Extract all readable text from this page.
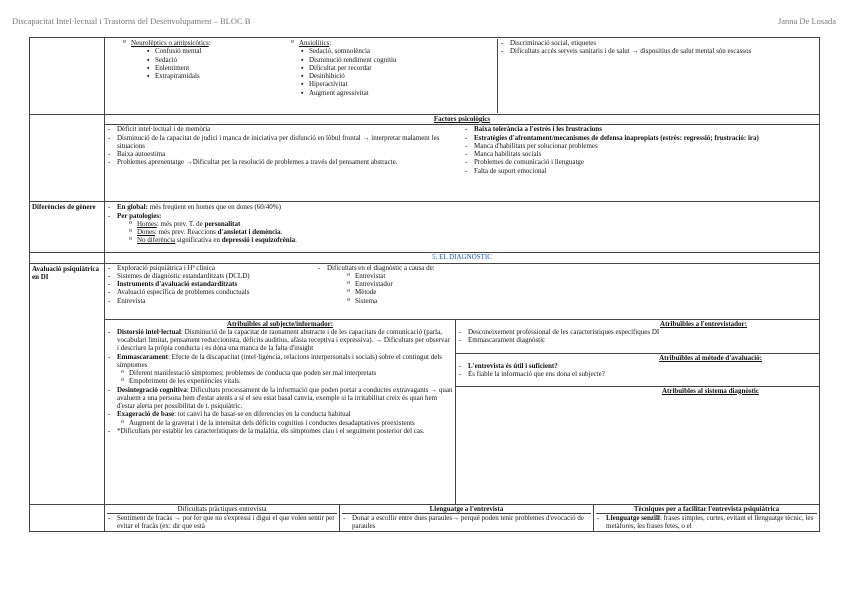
Discapacitat Intel·lectual i Trastorns del Desenvolupament – BLOC B	Janna De Losada
o Neurolèptics o antipsicòtics:
▪ Confusió mental
▪ Sedació
▪ Enlentiment
▪ Extrapiramidals
o Ansiolítics:
▪ Sedació, somnolència
▪ Disminució rendiment cognitiu
▪ Dificultat per recordar
▪ Desinhibició
▪ Hiperactivitat
▪ Augment agressivitat
- Discriminació social, etiquetes
- Dificultats accés serveis sanitaris i de salut → dispositius de salut mental són escassos
Factors psicològics
- Dèficit intel·lectual i de memòria
- Disminució de la capacitat de judici i manca de iniciativa per disfunció en lòbul frontal → interpretar malament les situacions
- Baixa autoestima
- Problemes aprenentatge →Dificultat per la resolució de problemes a través del pensament abstracte.
- Baixa tolerància a l'estrès i les frustracions
- Estratègies d'afrontament/mecanismes de defensa inapropiats (estrès: regressió; frustració: ira)
- Manca d'habilitats per solucionar problemes
- Manca habilitats socials
- Problemes de comunicació i llenguatge
- Falta de suport emocional
Diferències de gènere
-	En global: més freqüent en homes que en dones (60/40%)
- Per patologies:
o Homes: més prev. T. de personalitat
o Dones: més prev. Reaccions d'ansietat i demència.
o No diferència significativa en depressió i esquizofrènia.
5. EL DIAGNÒSTIC
Avaluació psiquiàtrica en DI
- Exploració psiquiàtrica i Hª clínica
- Sistemes de diagnòstic estandarditzats (DCLD)
- Instruments d'avaluació estandarditzats
- Avaluació específica de problemes conductuals
- Entrevista
- Dificultats en el diagnòstic a causa de:
o Entrevistat
o Entrevistador
o Mètode
o Sistema
Atribuïbles al subjecte/informador:
- Distorsió intel·lectual: Disminució de la capacitat de raonament abstracte i de les capacitats de comunicació (parla, vocabulari limitat, pensament reduccionista, dèficits auditius, afàsia receptiva i expressiva). → Dificultats per observar i descriure la pròpia conducta i es dóna una manca de la falta d'insight
- Emmascarament: Efecte de la discapacitat (intel·ligència, relacions interpersonals i socials) sobre el contingut dels símptomes
o Diferent manifestació símptomes; problemes de conducta que poden ser mal interpretats
o Empobriment de les experiències vitals.
- Desintegració cognitiva: Dificultats processament de la informació que poden portar a conductes extravagants → quan avaluem a una persona hem d'estar atents a si el seu estat basal canvia, exemple si la irritabilitat creix és quan hem d'estar alerta per possibilitat de t. psiquiàtric.
- Exageració de base: tot canvi ha de basar-se en diferencies en la conducta habitual
o Augment de la gravetat i de la intensitat dels dèficits cognitius i conductes desadaptatives preexistents
- *Dificultats per establir les característiques de la malaltia, els símptomes clau i el seguiment posterior del cas.
Atribuïbles a l'entrevistador:
- Desconeixement professional de les característiques específiques DI
- Emmascarament diagnòstic
Atribuïbles al mètode d'avaluació:
- L'entrevista és útil i suficient?
- És fiable la informació que ens dona el subjecte?
Atribuïbles al sistema diagnòstic
Dificultats pràctiques entrevista
- Sentiment de fracàs → por fer que no s'expressi i digui el que volen sentir per evitar el fracàs (ex: dir que està
Llenguatge a l'entrevista
- Donar a escollir entre dues paraules→ perquè poden tenir problemes d'evocació de paraules
Tècniques per a facilitar l'entrevista psiquiàtrica
- Llenguatge senzill: frases simples, curtes, evitant el llenguatge tècnic, les metàfores, les frases fetes, o el
